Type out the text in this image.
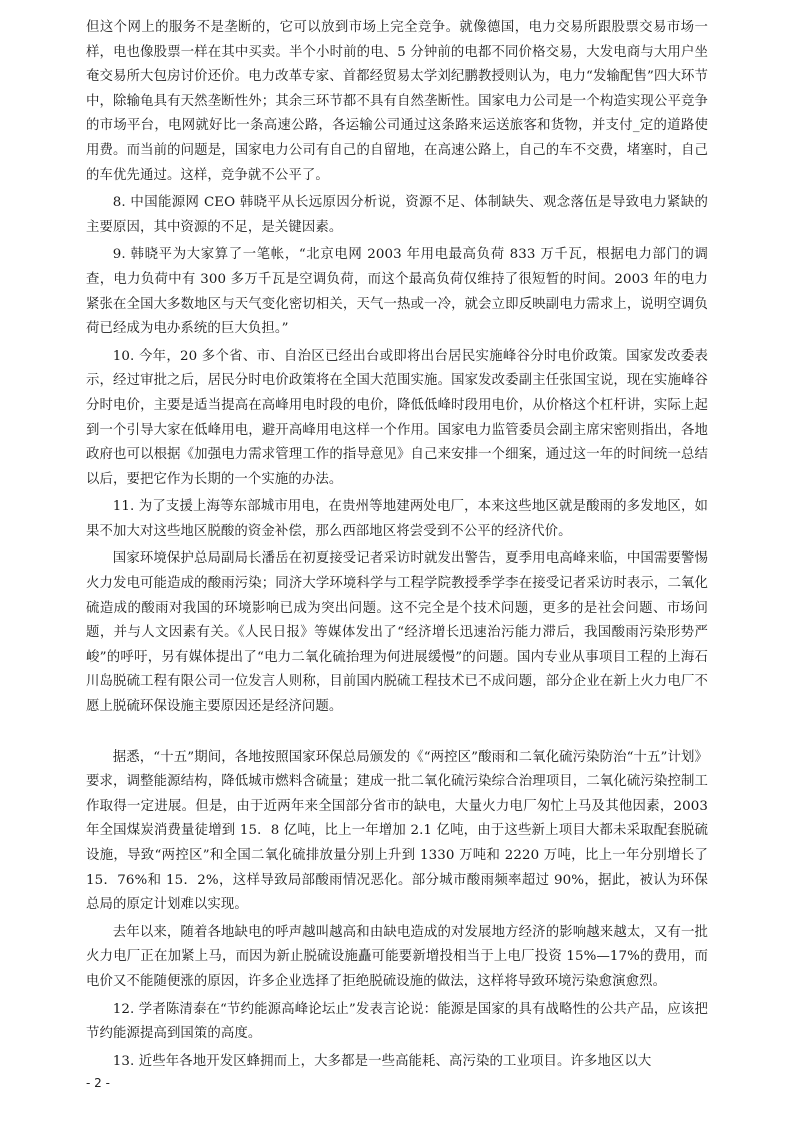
但这个网上的服务不是垄断的，它可以放到市场上完全竞争。就像德国，电力交易所跟股票交易市场一样，电也像股票一样在其中买卖。半个小时前的电、5 分钟前的电都不同价格交易，大发电商与大用户坐奄交易所大包房讨价还价。电力改革专家、首都经贸易太学刘纪鹏教授则认为，电力“发输配售”四大环节中，除输龟具有天然垄断性外；其余三环节都不具有自然垄断性。国家电力公司是一个构造实现公平竞争的市场平台，电网就好比一条高速公路，各运输公司通过这条路来运送旅客和货物，并支付_定的道路使用费。而当前的问题是，国家电力公司有自己的自留地，在高速公路上，自己的车不交费，堵塞时，自己的车优先通过。这样，竞争就不公平了。

8. 中国能源网 CEO 韩晓平从长远原因分析说，资源不足、体制缺失、观念落伍是导致电力紧缺的主要原因，其中资源的不足，是关键因素。

9. 韩晓平为大家算了一笔帐，“北京电网 2003 年用电最高负荷 833 万千瓦，根据电力部门的调查，电力负荷中有 300 多万千瓦是空调负荷，而这个最高负荷仅维持了很短暂的时间。2003 年的电力紧张在全国大多数地区与天气变化密切相关，天气一热或一冷，就会立即反映副电力需求上，说明空调负荷已经成为电办系统的巨大负担。”

10. 今年，20 多个省、市、自治区已经出台或即将出台居民实施峰谷分时电价政策。国家发改委表示，经过审批之后，居民分时电价政策将在全国大范围实施。国家发改委副主任张国宝说，现在实施峰谷分时电价，主要是适当提高在高峰用电时段的电价，降低低峰时段用电价，从价格这个杠杆讲，实际上起到一个引导大家在低峰用电，避开高峰用电这样一个作用。国家电力监管委员会副主席宋密则指出，各地政府也可以根据《加强电力需求管理工作的指导意见》自己来安排一个细案，通过这一年的时间统一总结以后，要把它作为长期的一个实施的办法。

11. 为了支援上海等东部城市用电，在贵州等地建两处电厂，本来这些地区就是酸雨的多发地区，如果不加大对这些地区脱酸的资金补偿，那么西部地区将尝受到不公平的经济代价。

国家环境保护总局副局长潘岳在初夏接受记者采访时就发出警告，夏季用电高峰来临，中国需要警惕火力发电可能造成的酸雨污染；同济大学环境科学与工程学院教授季学李在接受记者采访时表示，二氧化硫造成的酸雨对我国的环境影响已成为突出问题。这不完全是个技术问题，更多的是社会问题、市场问题，并与人文因素有关。《人民日报》等媒体发出了“经济增长迅速治污能力滞后，我国酸雨污染形势严峻”的呼吁，另有媒体提出了“电力二氧化硫抬理为何进展缓慢”的问题。国内专业从事项目工程的上海石川岛脱硫工程有限公司一位发言人则称，目前国内脱硫工程技术已不成问题，部分企业在新上火力电厂不愿上脱硫环保设施主要原因还是经济问题。

据悉，“十五”期间，各地按照国家环保总局颁发的《“两控区”酸雨和二氧化硫污染防治“十五”计划》要求，调整能源结构，降低城市燃料含硫量；建成一批二氧化硫污染综合治理项目，二氧化硫污染控制工作取得一定进展。但是，由于近两年来全国部分省市的缺电，大量火力电厂匆忙上马及其他因素，2003 年全国煤炭消费量徒增到 15．8 亿吨，比上一年增加 2.1 亿吨，由于这些新上项目大都未采取配套脱硫设施，导致“两控区”和全国二氧化硫排放量分别上升到 1330 万吨和 2220 万吨，比上一年分别增长了 15．76%和 15．2%，这样导致局部酸雨情况恶化。部分城市酸雨频率超过 90%，据此，被认为环保总局的原定计划难以实现。

去年以来，随着各地缺电的呼声越叫越高和由缺电造成的对发展地方经济的影响越来越太，又有一批火力电厂正在加紧上马，而因为新止脱硫设施矗可能要新增投相当于上电厂投资 15%—17%的费用，而电价又不能随便涨的原因，许多企业选择了拒绝脱硫设施的做法，这样将导致环境污染愈演愈烈。

12. 学者陈清泰在“节约能源高峰论坛止”发表言论说：能源是国家的具有战略性的公共产品，应该把节约能源提高到国策的高度。

13. 近些年各地开发区蜂拥而上，大多都是一些高能耗、高污染的工业项目。许多地区以大

- 2 -
